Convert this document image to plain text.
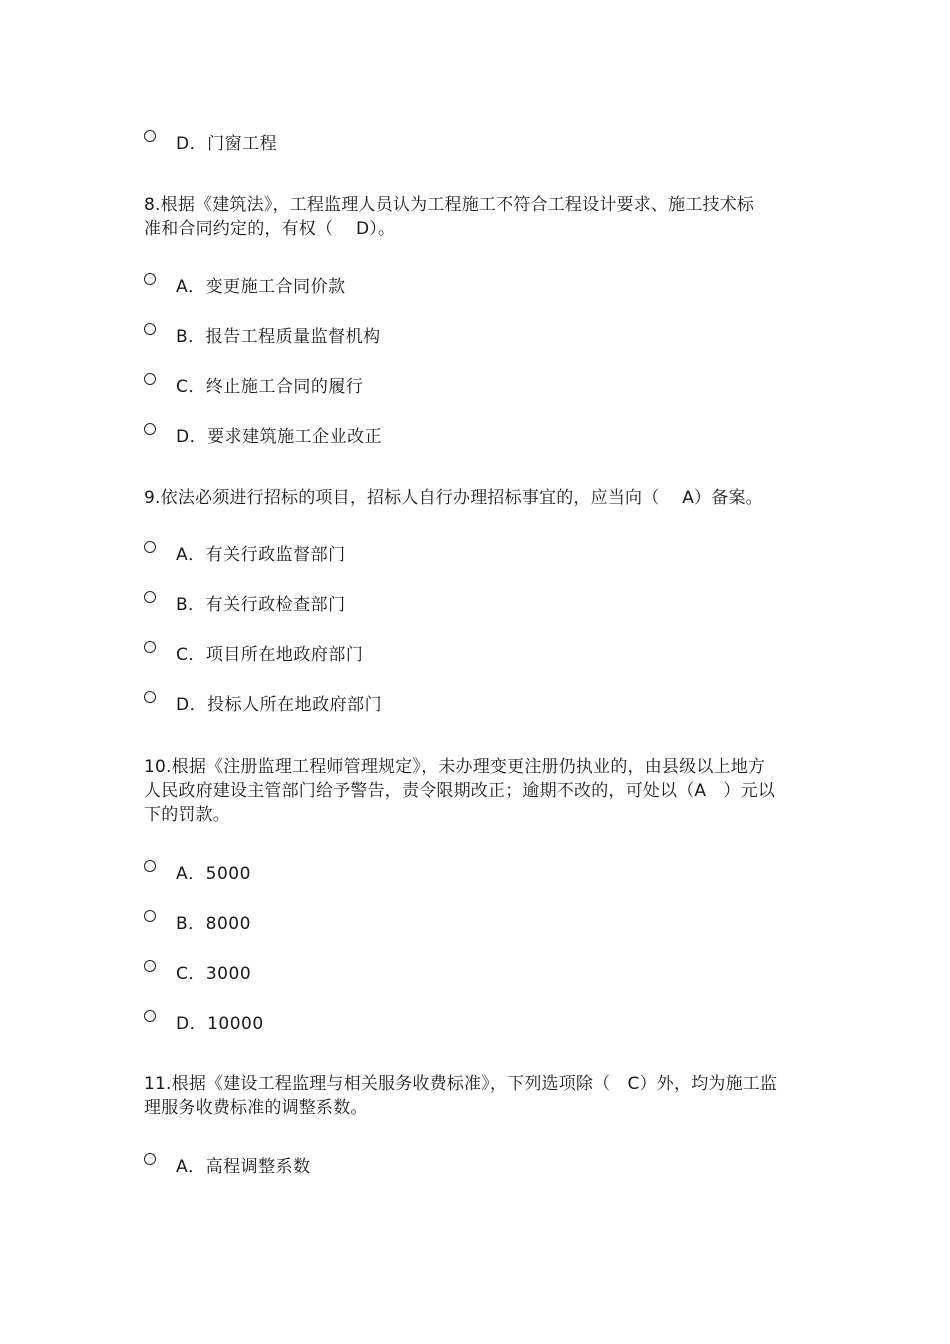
D．门窗工程
8.根据《建筑法》，工程监理人员认为工程施工不符合工程设计要求、施工技术标
准和合同约定的，有权（　 D）。
A．变更施工合同价款
B．报告工程质量监督机构
C．终止施工合同的履行
D．要求建筑施工企业改正
9.依法必须进行招标的项目，招标人自行办理招标事宜的，应当向（　 A）备案。
A．有关行政监督部门
B．有关行政检查部门
C．项目所在地政府部门
D．投标人所在地政府部门
10.根据《注册监理工程师管理规定》，未办理变更注册仍执业的，由县级以上地方
人民政府建设主管部门给予警告，责令限期改正；逾期不改的，可处以（A　）元以
下的罚款。
A．5000
B．8000
C．3000
D．10000
11.根据《建设工程监理与相关服务收费标准》，下列选项除（　C）外，均为施工监
理服务收费标准的调整系数。
A．高程调整系数
